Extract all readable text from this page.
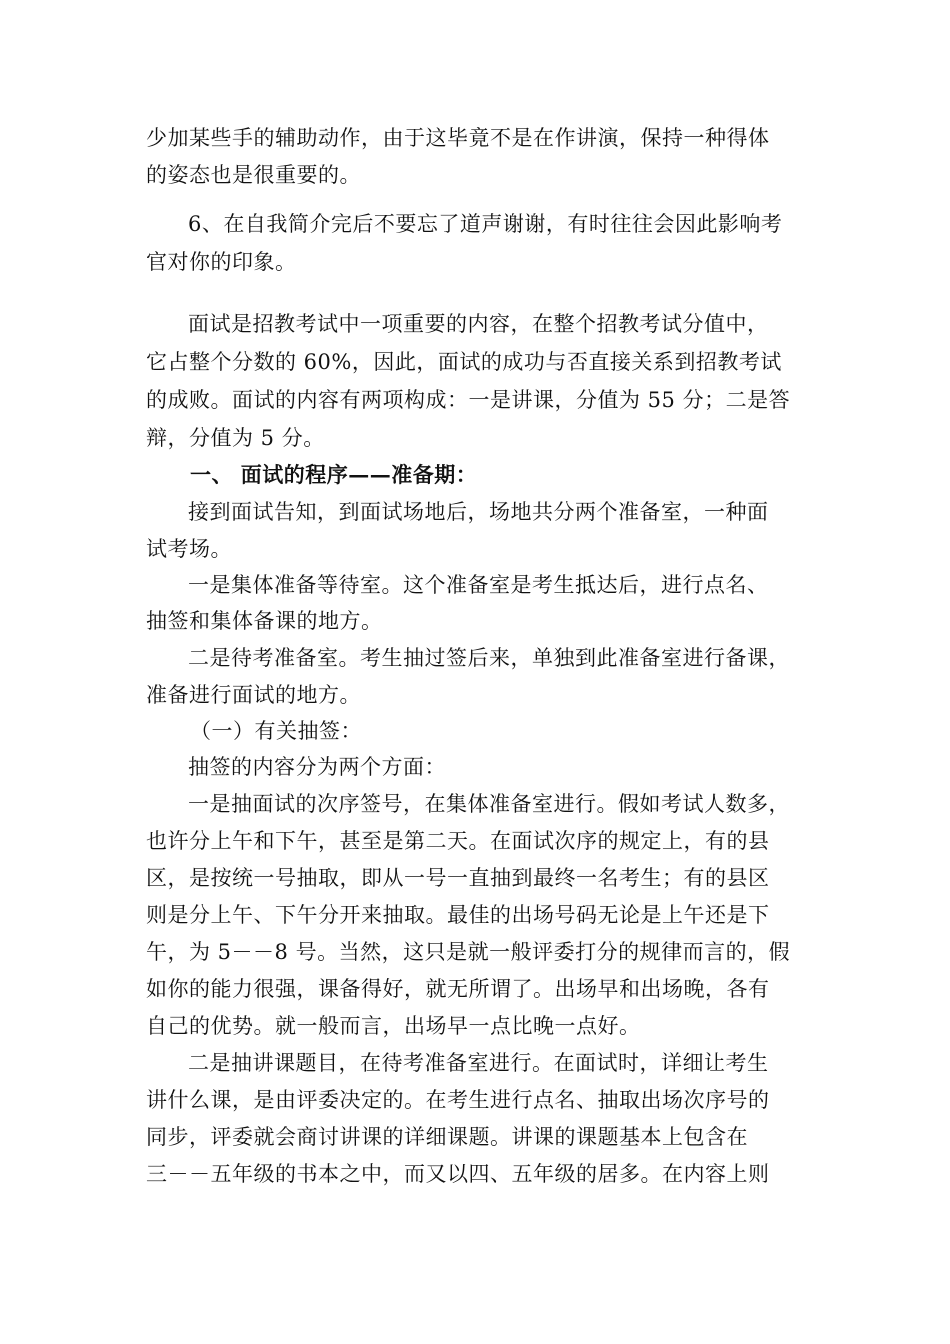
少加某些手的辅助动作，由于这毕竟不是在作讲演，保持一种得体
的姿态也是很重要的。
6、在自我简介完后不要忘了道声谢谢，有时往往会因此影响考
官对你的印象。
面试是招教考试中一项重要的内容，在整个招教考试分值中，
它占整个分数的 60%，因此，面试的成功与否直接关系到招教考试
的成败。面试的内容有两项构成：一是讲课，分值为 55 分；二是答
辩，分值为 5 分。
一、 面试的程序——准备期：
接到面试告知，到面试场地后，场地共分两个准备室，一种面
试考场。
一是集体准备等待室。这个准备室是考生抵达后，进行点名、
抽签和集体备课的地方。
二是待考准备室。考生抽过签后来，单独到此准备室进行备课，
准备进行面试的地方。
（一）有关抽签：
抽签的内容分为两个方面：
一是抽面试的次序签号，在集体准备室进行。假如考试人数多，
也许分上午和下午，甚至是第二天。在面试次序的规定上，有的县
区，是按统一号抽取，即从一号一直抽到最终一名考生；有的县区
则是分上午、下午分开来抽取。最佳的出场号码无论是上午还是下
午，为 5－－8 号。当然，这只是就一般评委打分的规律而言的，假
如你的能力很强，课备得好，就无所谓了。出场早和出场晚，各有
自己的优势。就一般而言，出场早一点比晚一点好。
二是抽讲课题目，在待考准备室进行。在面试时，详细让考生
讲什么课，是由评委决定的。在考生进行点名、抽取出场次序号的
同步，评委就会商讨讲课的详细课题。讲课的课题基本上包含在
三－－五年级的书本之中，而又以四、五年级的居多。在内容上则
